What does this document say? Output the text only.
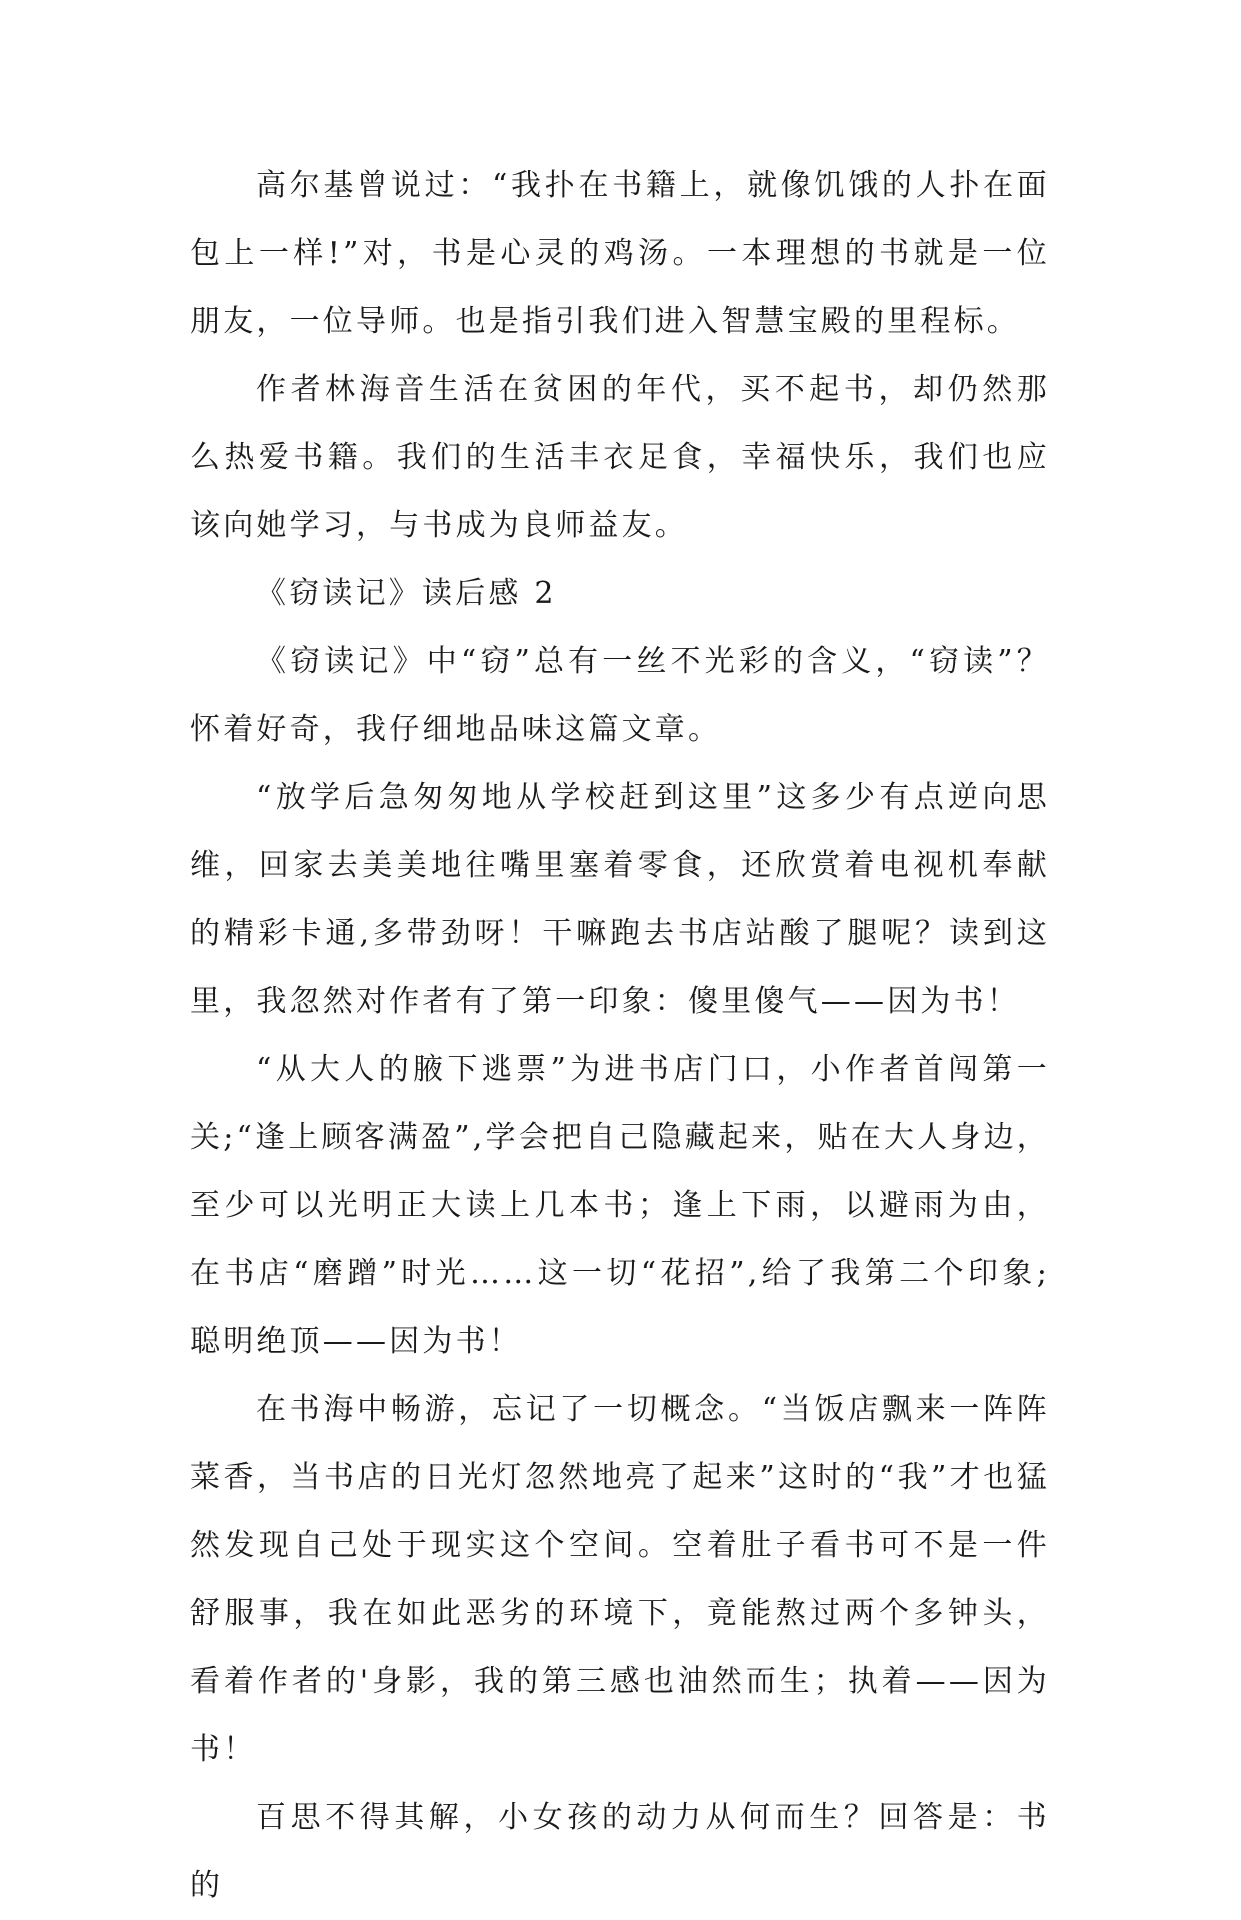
高尔基曾说过：“我扑在书籍上，就像饥饿的人扑在面包上一样!”对，书是心灵的鸡汤。一本理想的书就是一位朋友，一位导师。也是指引我们进入智慧宝殿的里程标。

作者林海音生活在贫困的年代，买不起书，却仍然那么热爱书籍。我们的生活丰衣足食，幸福快乐，我们也应该向她学习，与书成为良师益友。

《窃读记》读后感 2

《窃读记》中“窃”总有一丝不光彩的含义，“窃读”？怀着好奇，我仔细地品味这篇文章。

“放学后急匆匆地从学校赶到这里”这多少有点逆向思维，回家去美美地往嘴里塞着零食，还欣赏着电视机奉献的精彩卡通,多带劲呀！干嘛跑去书店站酸了腿呢？读到这里，我忽然对作者有了第一印象：傻里傻气——因为书！

“从大人的腋下逃票”为进书店门口，小作者首闯第一关;“逢上顾客满盈”,学会把自己隐藏起来，贴在大人身边，至少可以光明正大读上几本书；逢上下雨，以避雨为由，在书店“磨蹭”时光……这一切“花招”,给了我第二个印象;聪明绝顶——因为书！

在书海中畅游，忘记了一切概念。“当饭店飘来一阵阵菜香，当书店的日光灯忽然地亮了起来”这时的“我”才也猛然发现自己处于现实这个空间。空着肚子看书可不是一件舒服事，我在如此恶劣的环境下，竟能熬过两个多钟头，看着作者的'身影，我的第三感也油然而生；执着——因为书！

百思不得其解，小女孩的动力从何而生？回答是：书的
